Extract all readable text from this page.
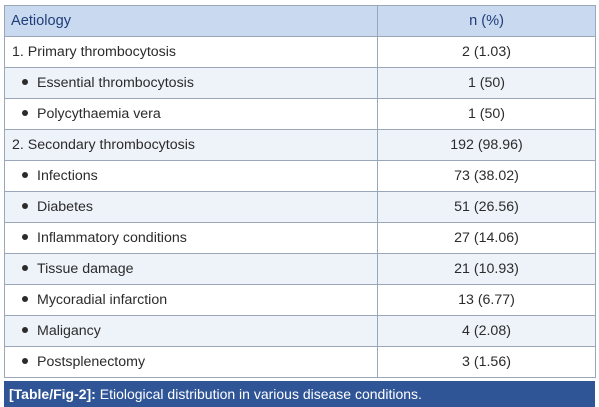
Aetiology	n (%)
1. Primary thrombocytosis	2 (1.03)
Essential thrombocytosis	1 (50)
Polycythaemia vera	1 (50)
2. Secondary thrombocytosis	192 (98.96)
Infections	73 (38.02)
Diabetes	51 (26.56)
Inflammatory conditions	27 (14.06)
Tissue damage	21 (10.93)
Mycoradial infarction	13 (6.77)
Maligancy	4 (2.08)
Postsplenectomy	3 (1.56)
[Table/Fig-2]: Etiological distribution in various disease conditions.
